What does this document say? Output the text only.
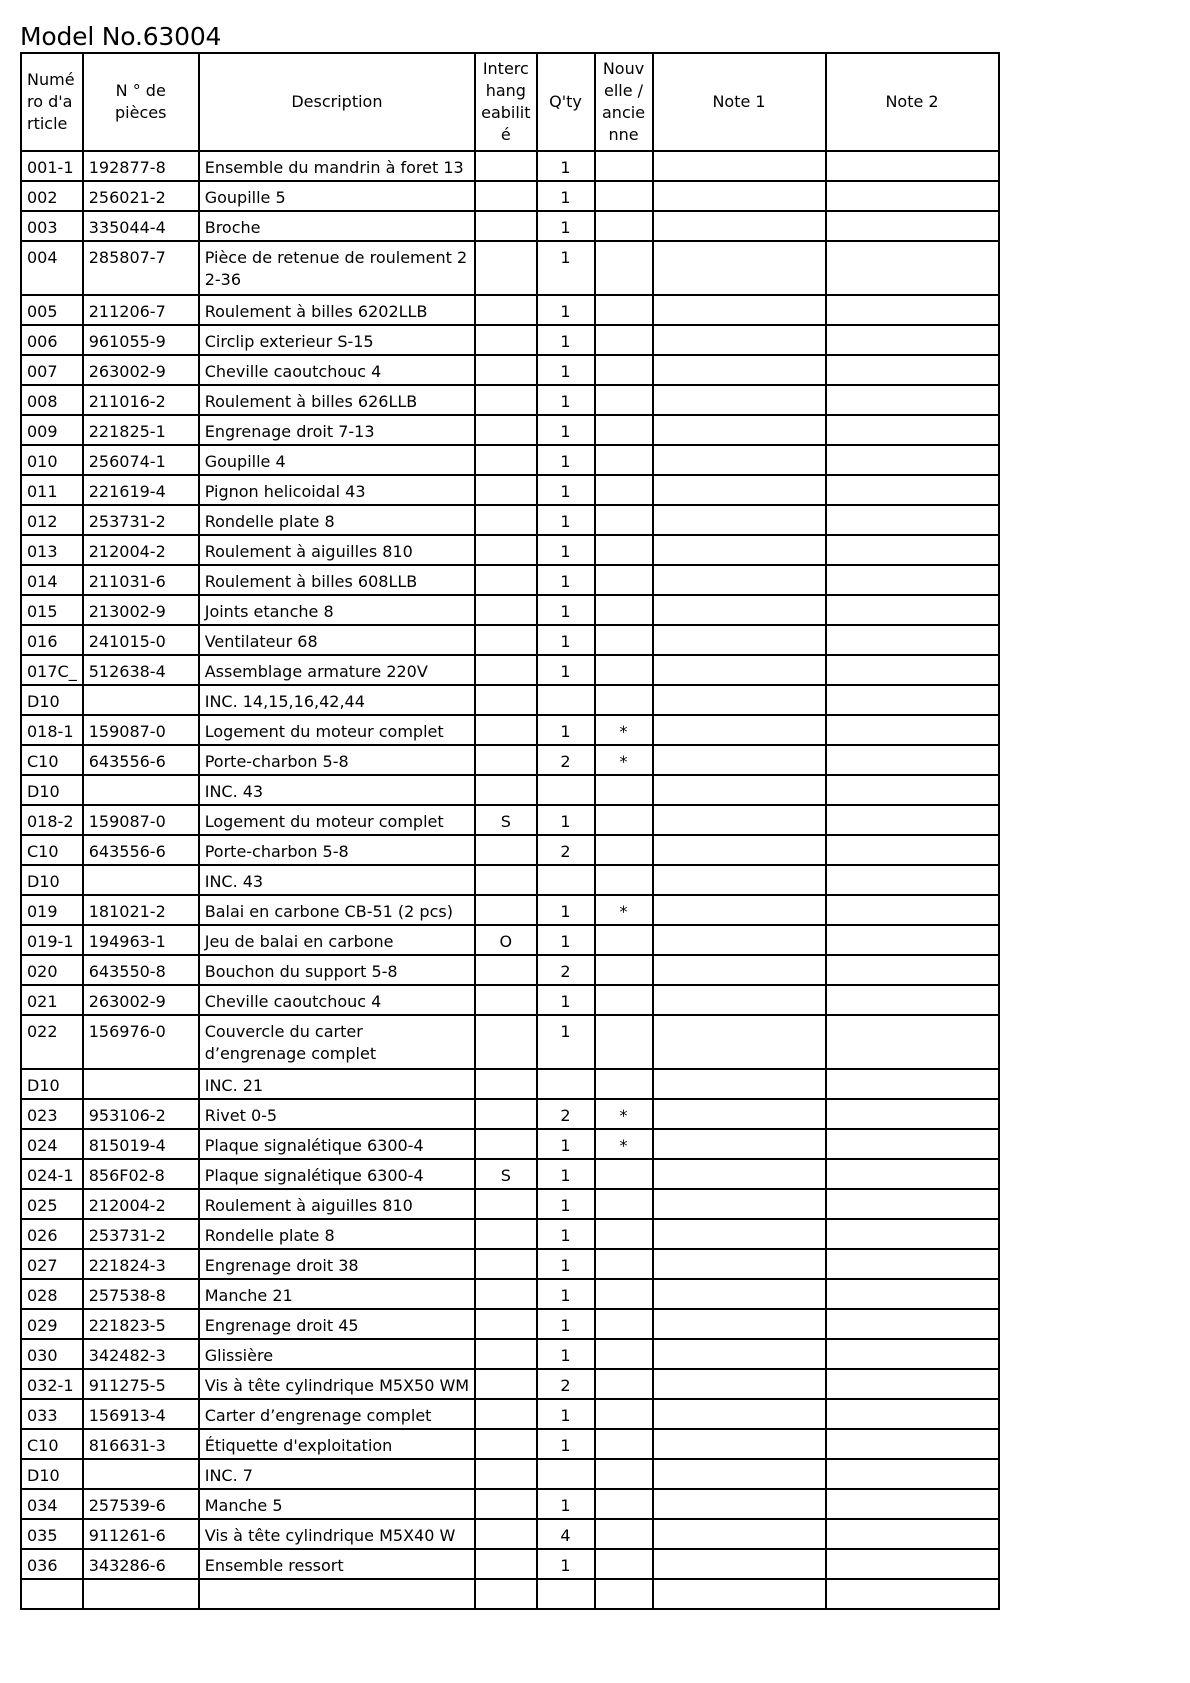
Model No.63004
Numé ro d'a rticle	N ° de pièces	Description	Interc hang eabilit é	Q'ty	Nouv elle / ancie nne	Note 1	Note 2
001-1	192877-8	Ensemble du mandrin à foret 13		1			
002	256021-2	Goupille 5		1			
003	335044-4	Broche		1			
004	285807-7	Pièce de retenue de roulement 2 2-36		1			
005	211206-7	Roulement à billes 6202LLB		1			
006	961055-9	Circlip exterieur S-15		1			
007	263002-9	Cheville caoutchouc 4		1			
008	211016-2	Roulement à billes 626LLB		1			
009	221825-1	Engrenage droit 7-13		1			
010	256074-1	Goupille 4		1			
011	221619-4	Pignon helicoidal 43		1			
012	253731-2	Rondelle plate 8		1			
013	212004-2	Roulement à aiguilles 810		1			
014	211031-6	Roulement à billes 608LLB		1			
015	213002-9	Joints etanche 8		1			
016	241015-0	Ventilateur 68		1			
017C_	512638-4	Assemblage armature 220V		1			
D10		INC. 14,15,16,42,44					
018-1	159087-0	Logement du moteur complet		1	*		
C10	643556-6	Porte-charbon 5-8		2	*		
D10		INC. 43					
018-2	159087-0	Logement du moteur complet	S	1			
C10	643556-6	Porte-charbon 5-8		2			
D10		INC. 43					
019	181021-2	Balai en carbone CB-51 (2 pcs)		1	*		
019-1	194963-1	Jeu de balai en carbone	O	1			
020	643550-8	Bouchon du support 5-8		2			
021	263002-9	Cheville caoutchouc 4		1			
022	156976-0	Couvercle du carter d’engrenage complet		1			
D10		INC. 21					
023	953106-2	Rivet 0-5		2	*		
024	815019-4	Plaque signalétique 6300-4		1	*		
024-1	856F02-8	Plaque signalétique 6300-4	S	1			
025	212004-2	Roulement à aiguilles 810		1			
026	253731-2	Rondelle plate 8		1			
027	221824-3	Engrenage droit 38		1			
028	257538-8	Manche 21		1			
029	221823-5	Engrenage droit 45		1			
030	342482-3	Glissière		1			
032-1	911275-5	Vis à tête cylindrique M5X50 WM		2			
033	156913-4	Carter d’engrenage complet		1			
C10	816631-3	Étiquette d'exploitation		1			
D10		INC. 7					
034	257539-6	Manche 5		1			
035	911261-6	Vis à tête cylindrique M5X40 W		4			
036	343286-6	Ensemble ressort		1			
